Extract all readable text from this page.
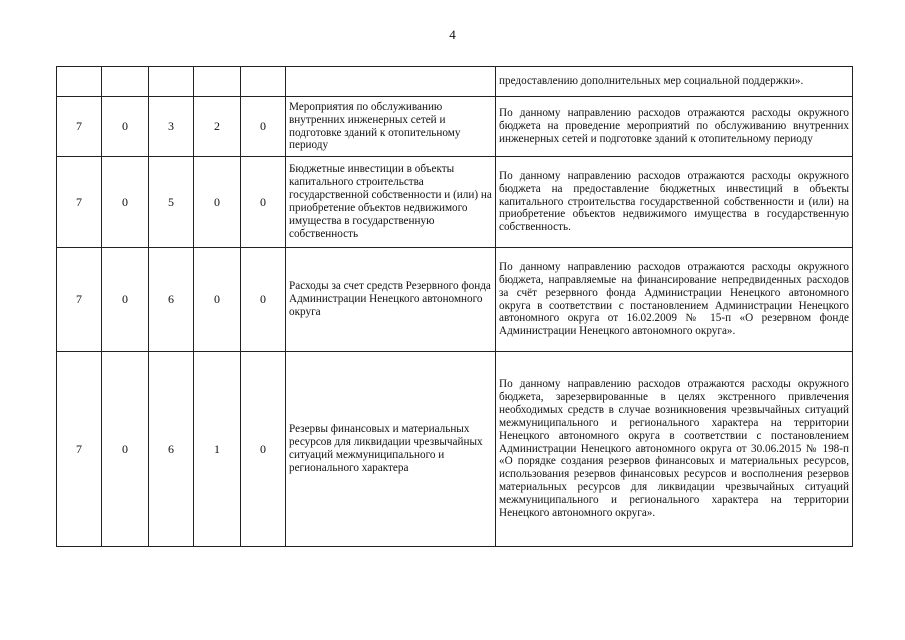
4
						предоставлению дополнительных мер социальной поддержки».
7	0	3	2	0	Мероприятия по обслуживанию внутренних инженерных сетей и подготовке зданий к отопительному периоду	По данному направлению расходов отражаются расходы окружного бюджета на проведение мероприятий по обслуживанию внутренних инженерных сетей и подготовке зданий к отопительному периоду
7	0	5	0	0	Бюджетные инвестиции в объекты капитального строительства государственной собственности и (или) на приобретение объектов недвижимого имущества в государственную собственность	По данному направлению расходов отражаются расходы окружного бюджета на предоставление бюджетных инвестиций в объекты капитального строительства государственной собственности и (или) на приобретение объектов недвижимого имущества в государственную собственность.
7	0	6	0	0	Расходы за счет средств Резервного фонда Администрации Ненецкого автономного округа	По данному направлению расходов отражаются расходы окружного бюджета, направляемые на финансирование непредвиденных расходов за счёт резервного фонда Администрации Ненецкого автономного округа в соответствии с постановлением Администрации Ненецкого автономного округа от 16.02.2009 № 15-п «О резервном фонде Администрации Ненецкого автономного округа».
7	0	6	1	0	Резервы финансовых и материальных ресурсов для ликвидации чрезвычайных ситуаций межмуниципального и регионального характера	По данному направлению расходов отражаются расходы окружного бюджета, зарезервированные в целях экстренного привлечения необходимых средств в случае возникновения чрезвычайных ситуаций межмуниципального и регионального характера на территории Ненецкого автономного округа в соответствии с постановлением Администрации Ненецкого автономного округа от 30.06.2015 № 198-п «О порядке создания резервов финансовых и материальных ресурсов, использования резервов финансовых ресурсов и восполнения резервов материальных ресурсов для ликвидации чрезвычайных ситуаций межмуниципального и регионального характера на территории Ненецкого автономного округа».
